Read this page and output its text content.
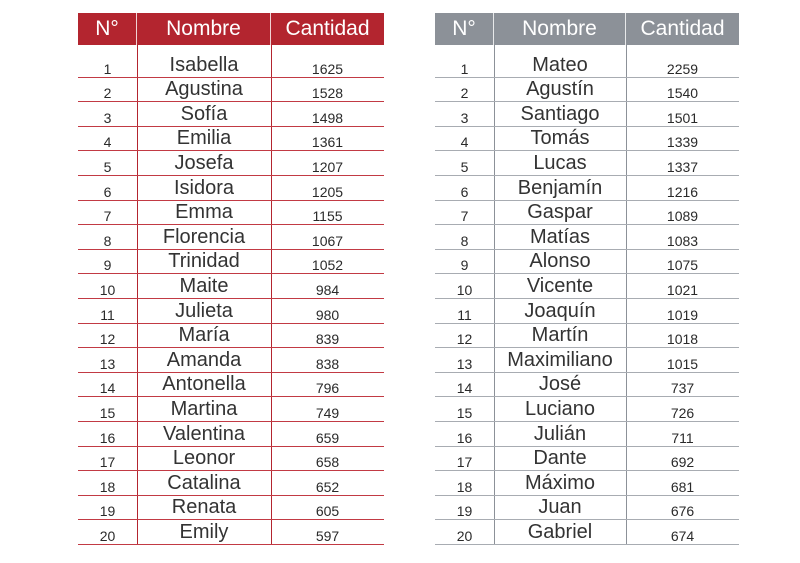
N°	Nombre	Cantidad
1	Isabella	1625
2	Agustina	1528
3	Sofía	1498
4	Emilia	1361
5	Josefa	1207
6	Isidora	1205
7	Emma	1155
8	Florencia	1067
9	Trinidad	1052
10	Maite	984
11	Julieta	980
12	María	839
13	Amanda	838
14	Antonella	796
15	Martina	749
16	Valentina	659
17	Leonor	658
18	Catalina	652
19	Renata	605
20	Emily	597
N°	Nombre	Cantidad
1	Mateo	2259
2	Agustín	1540
3	Santiago	1501
4	Tomás	1339
5	Lucas	1337
6	Benjamín	1216
7	Gaspar	1089
8	Matías	1083
9	Alonso	1075
10	Vicente	1021
11	Joaquín	1019
12	Martín	1018
13	Maximiliano	1015
14	José	737
15	Luciano	726
16	Julián	711
17	Dante	692
18	Máximo	681
19	Juan	676
20	Gabriel	674
